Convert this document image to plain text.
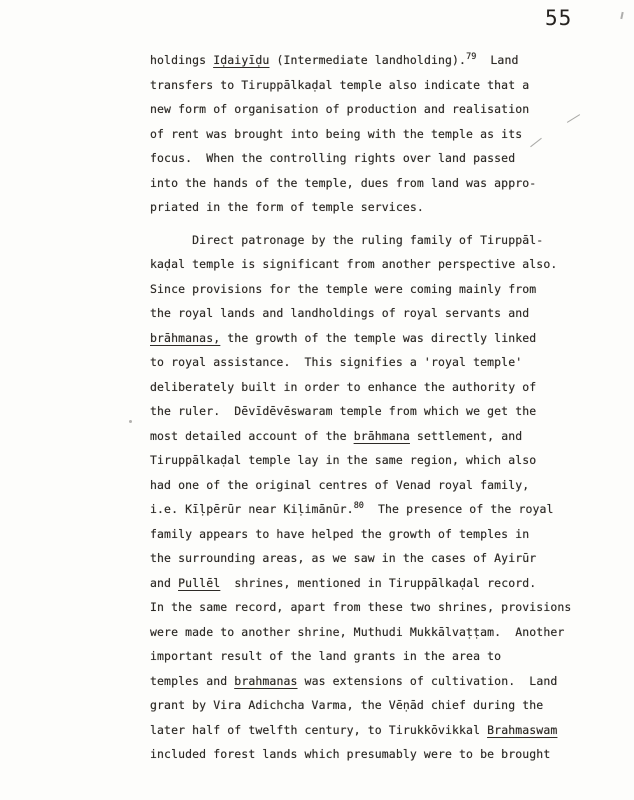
55
holdings Iḍaiyīḍu (Intermediate landholding).$^{79}$  Land
transfers to Tiruppālkaḍal temple also indicate that a
new form of organisation of production and realisation
of rent was brought into being with the temple as its
focus.  When the controlling rights over land passed
into the hands of the temple, dues from land was appro-
priated in the form of temple services.
Direct patronage by the ruling family of Tiruppāl-
kaḍal temple is significant from another perspective also.
Since provisions for the temple were coming mainly from
the royal lands and landholdings of royal servants and
brāhmanas, the growth of the temple was directly linked
to royal assistance.  This signifies a 'royal temple'
deliberately built in order to enhance the authority of
the ruler.  Dēvīdēvēswaram temple from which we get the
most detailed account of the brāhmana settlement, and
Tiruppālkaḍal temple lay in the same region, which also
had one of the original centres of Venad royal family,
i.e. Kīḷpērūr near Kiḷimānūr.$^{80}$  The presence of the royal
family appears to have helped the growth of temples in
the surrounding areas, as we saw in the cases of Ayirūr
and Pullēl  shrines, mentioned in Tiruppālkaḍal record.
In the same record, apart from these two shrines, provisions
were made to another shrine, Muthudi Mukkālvaṭṭam.  Another
important result of the land grants in the area to
temples and brahmanas was extensions of cultivation.  Land
grant by Vira Adichcha Varma, the Vēṇād chief during the
later half of twelfth century, to Tirukkōvikkal Brahmaswam
included forest lands which presumably were to be brought
